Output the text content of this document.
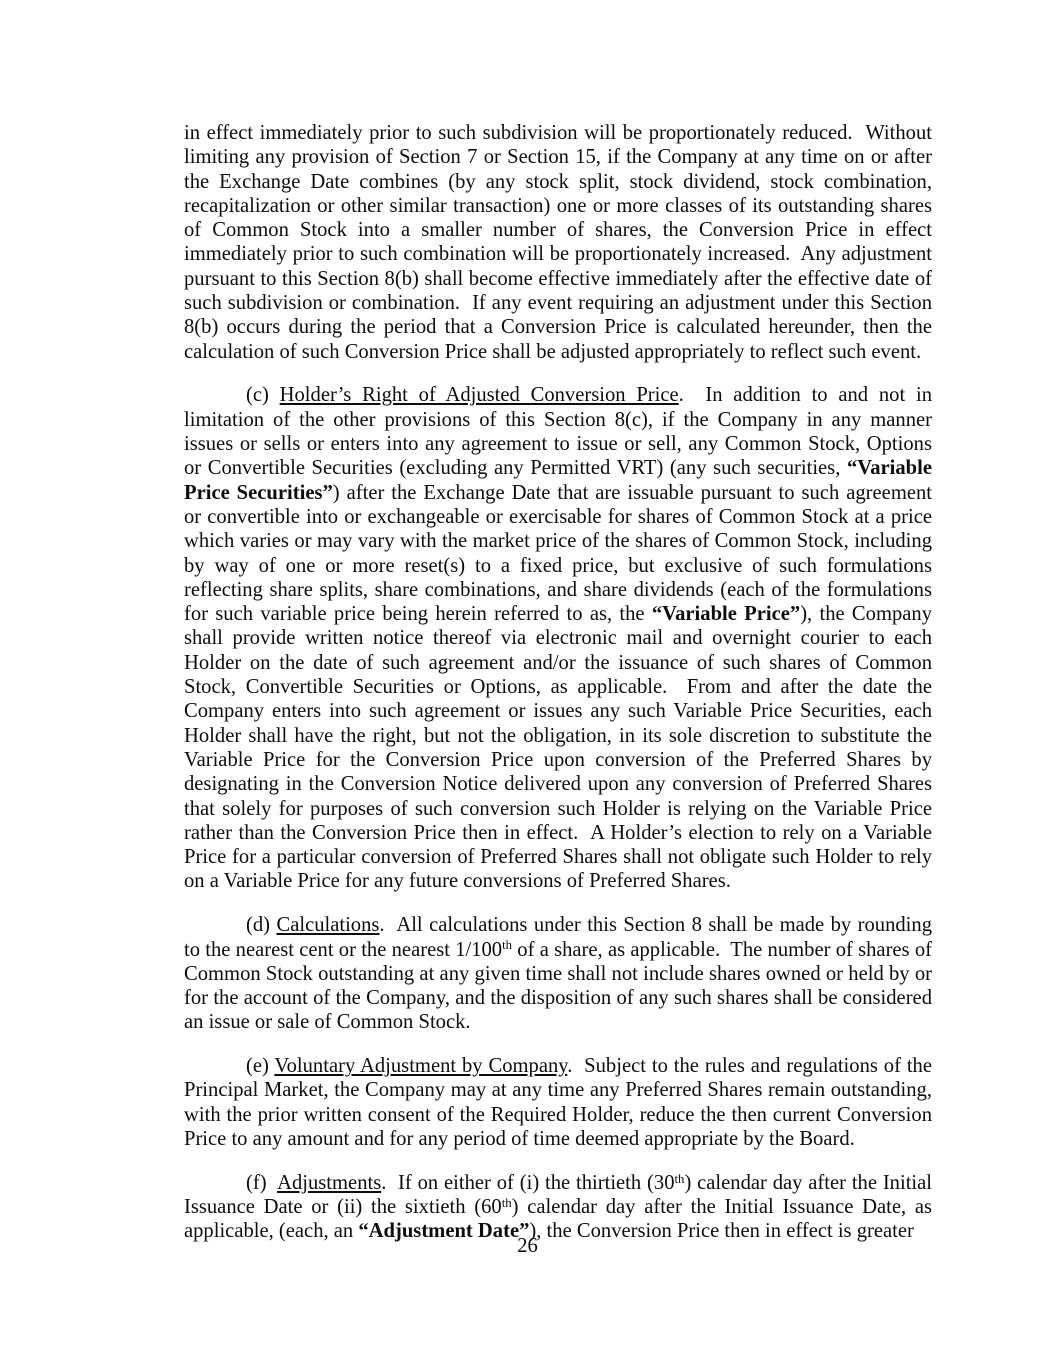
in effect immediately prior to such subdivision will be proportionately reduced.  Without limiting any provision of Section 7 or Section 15, if the Company at any time on or after the Exchange Date combines (by any stock split, stock dividend, stock combination, recapitalization or other similar transaction) one or more classes of its outstanding shares of Common Stock into a smaller number of shares, the Conversion Price in effect immediately prior to such combination will be proportionately increased.  Any adjustment pursuant to this Section 8(b) shall become effective immediately after the effective date of such subdivision or combination.  If any event requiring an adjustment under this Section 8(b) occurs during the period that a Conversion Price is calculated hereunder, then the calculation of such Conversion Price shall be adjusted appropriately to reflect such event.

(c) Holder’s Right of Adjusted Conversion Price.  In addition to and not in limitation of the other provisions of this Section 8(c), if the Company in any manner issues or sells or enters into any agreement to issue or sell, any Common Stock, Options or Convertible Securities (excluding any Permitted VRT) (any such securities, “Variable Price Securities”) after the Exchange Date that are issuable pursuant to such agreement or convertible into or exchangeable or exercisable for shares of Common Stock at a price which varies or may vary with the market price of the shares of Common Stock, including by way of one or more reset(s) to a fixed price, but exclusive of such formulations reflecting share splits, share combinations, and share dividends (each of the formulations for such variable price being herein referred to as, the “Variable Price”), the Company shall provide written notice thereof via electronic mail and overnight courier to each Holder on the date of such agreement and/or the issuance of such shares of Common Stock, Convertible Securities or Options, as applicable.  From and after the date the Company enters into such agreement or issues any such Variable Price Securities, each Holder shall have the right, but not the obligation, in its sole discretion to substitute the Variable Price for the Conversion Price upon conversion of the Preferred Shares by designating in the Conversion Notice delivered upon any conversion of Preferred Shares that solely for purposes of such conversion such Holder is relying on the Variable Price rather than the Conversion Price then in effect.  A Holder’s election to rely on a Variable Price for a particular conversion of Preferred Shares shall not obligate such Holder to rely on a Variable Price for any future conversions of Preferred Shares.

(d) Calculations.  All calculations under this Section 8 shall be made by rounding to the nearest cent or the nearest 1/100th of a share, as applicable.  The number of shares of Common Stock outstanding at any given time shall not include shares owned or held by or for the account of the Company, and the disposition of any such shares shall be considered an issue or sale of Common Stock.

(e) Voluntary Adjustment by Company.  Subject to the rules and regulations of the Principal Market, the Company may at any time any Preferred Shares remain outstanding, with the prior written consent of the Required Holder, reduce the then current Conversion Price to any amount and for any period of time deemed appropriate by the Board.

(f)  Adjustments.  If on either of (i) the thirtieth (30th) calendar day after the Initial Issuance Date or (ii) the sixtieth (60th) calendar day after the Initial Issuance Date, as applicable, (each, an “Adjustment Date”), the Conversion Price then in effect is greater

26
